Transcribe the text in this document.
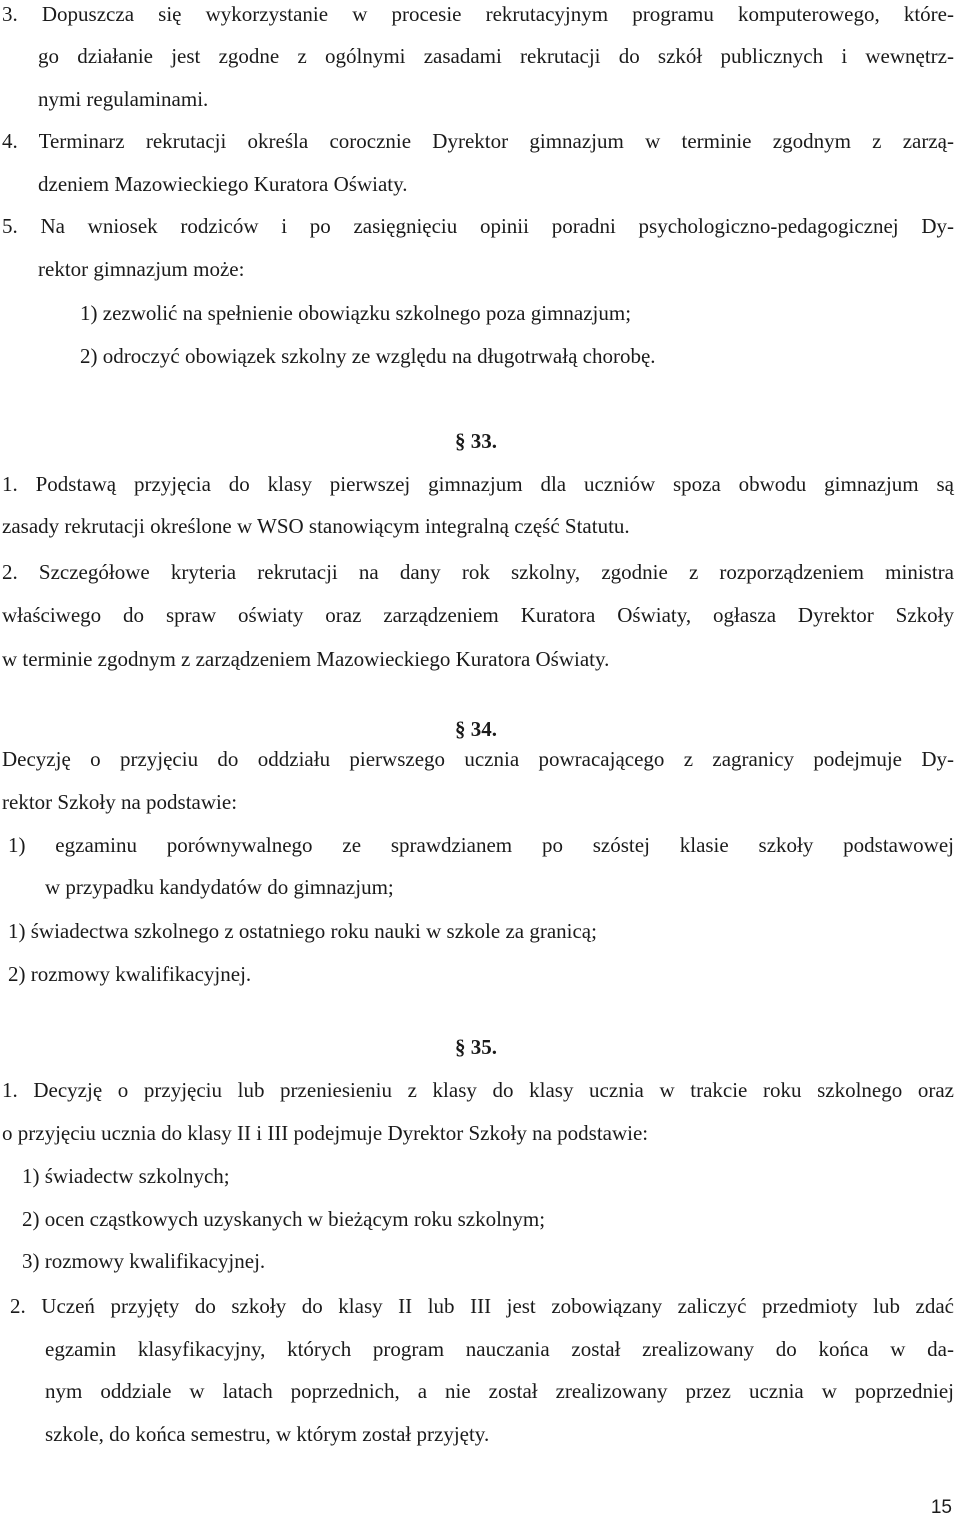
3. Dopuszcza się wykorzystanie w procesie rekrutacyjnym programu komputerowego, które-

go działanie jest zgodne z ogólnymi zasadami rekrutacji do szkół publicznych i wewnętrz-

nymi regulaminami.

4. Terminarz rekrutacji określa corocznie Dyrektor gimnazjum w terminie zgodnym z zarzą-

dzeniem Mazowieckiego Kuratora Oświaty.

5. Na wniosek rodziców i po zasięgnięciu opinii poradni psychologiczno-pedagogicznej Dy-

rektor gimnazjum może:

1) zezwolić na spełnienie obowiązku szkolnego poza gimnazjum;

2) odroczyć obowiązek szkolny ze względu na długotrwałą chorobę.

§ 33.

1. Podstawą przyjęcia do klasy pierwszej gimnazjum dla uczniów spoza obwodu gimnazjum są

zasady rekrutacji określone w WSO stanowiącym integralną część Statutu.

2. Szczegółowe kryteria rekrutacji na dany rok szkolny, zgodnie z rozporządzeniem ministra

właściwego do spraw oświaty oraz zarządzeniem Kuratora Oświaty, ogłasza Dyrektor Szkoły

w terminie zgodnym z zarządzeniem Mazowieckiego Kuratora Oświaty.

§ 34.

Decyzję o przyjęciu do oddziału pierwszego ucznia powracającego z zagranicy podejmuje Dy-

rektor Szkoły na podstawie:

1) egzaminu porównywalnego ze sprawdzianem po szóstej klasie szkoły podstawowej

w przypadku kandydatów do gimnazjum;

1) świadectwa szkolnego z ostatniego roku nauki w szkole za granicą;

2) rozmowy kwalifikacyjnej.

§ 35.

1. Decyzję o przyjęciu lub przeniesieniu z klasy do klasy ucznia w trakcie roku szkolnego oraz

o przyjęciu ucznia do klasy II i III podejmuje Dyrektor Szkoły na podstawie:

1) świadectw szkolnych;

2) ocen cząstkowych uzyskanych w bieżącym roku szkolnym;

3) rozmowy kwalifikacyjnej.

2. Uczeń przyjęty do szkoły do klasy II lub III jest zobowiązany zaliczyć przedmioty lub zdać

egzamin klasyfikacyjny, których program nauczania został zrealizowany do końca w da-

nym oddziale w latach poprzednich, a nie został zrealizowany przez ucznia w poprzedniej

szkole, do końca semestru, w którym został przyjęty.

15
